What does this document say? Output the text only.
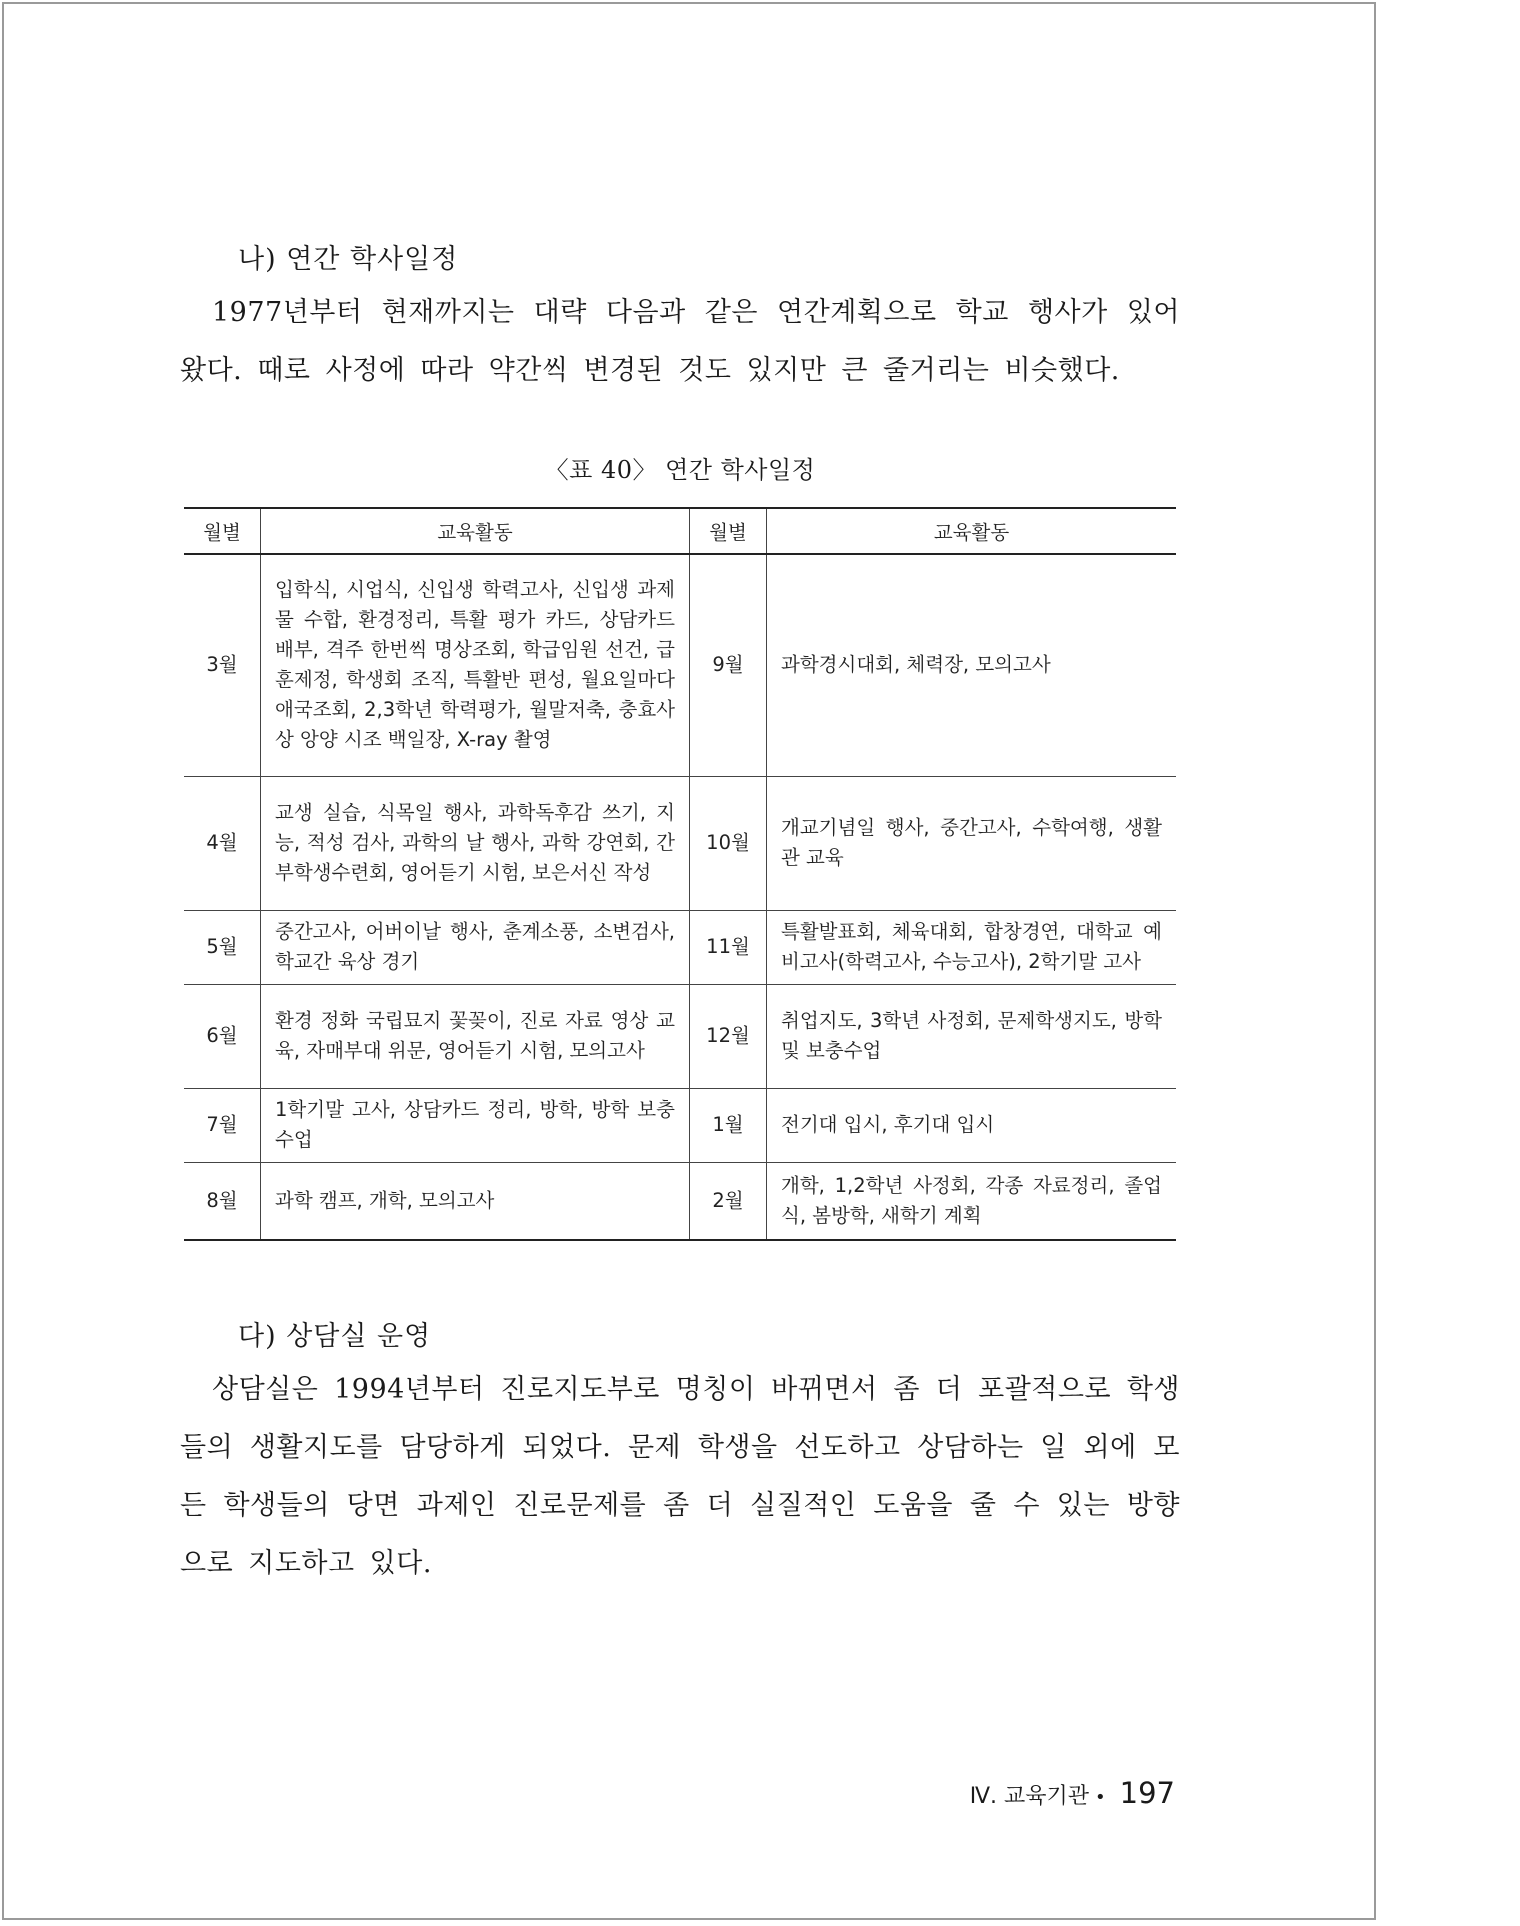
나) 연간 학사일정

1977년부터 현재까지는 대략 다음과 같은 연간계획으로 학교 행사가 있어 왔다. 때로 사정에 따라 약간씩 변경된 것도 있지만 큰 줄거리는 비슷했다.

〈표 40〉 연간 학사일정
월별	교육활동	월별	교육활동
3월	입학식, 시업식, 신입생 학력고사, 신입생 과제물 수합, 환경정리, 특활 평가 카드, 상담카드 배부, 격주 한번씩 명상조회, 학급임원 선건, 급훈제정, 학생회 조직, 특활반 편성, 월요일마다 애국조회, 2,3학년 학력평가, 월말저축, 충효사상 앙양 시조 백일장, X-ray 촬영	9월	과학경시대회, 체력장, 모의고사
4월	교생 실습, 식목일 행사, 과학독후감 쓰기, 지능, 적성 검사, 과학의 날 행사, 과학 강연회, 간부학생수련회, 영어듣기 시험, 보은서신 작성	10월	개교기념일 행사, 중간고사, 수학여행, 생활관 교육
5월	중간고사, 어버이날 행사, 춘계소풍, 소변검사, 학교간 육상 경기	11월	특활발표회, 체육대회, 합창경연, 대학교 예비고사(학력고사, 수능고사), 2학기말 고사
6월	환경 정화 국립묘지 꽃꽂이, 진로 자료 영상 교육, 자매부대 위문, 영어듣기 시험, 모의고사	12월	취업지도, 3학년 사정회, 문제학생지도, 방학 및 보충수업
7월	1학기말 고사, 상담카드 정리, 방학, 방학 보충수업	1월	전기대 입시, 후기대 입시
8월	과학 캠프, 개학, 모의고사	2월	개학, 1,2학년 사정회, 각종 자료정리, 졸업식, 봄방학, 새학기 계획
다) 상담실 운영

상담실은 1994년부터 진로지도부로 명칭이 바뀌면서 좀 더 포괄적으로 학생들의 생활지도를 담당하게 되었다. 문제 학생을 선도하고 상담하는 일 외에 모든 학생들의 당면 과제인 진로문제를 좀 더 실질적인 도움을 줄 수 있는 방향으로 지도하고 있다.

Ⅳ. 교육기관 • 197
